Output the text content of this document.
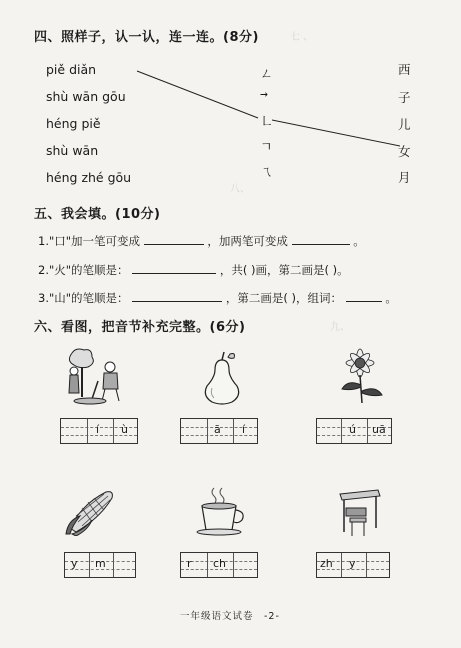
七 、
八、
九、
四、照样子，认一认，连一连。(8分)
piě diǎn
shù wān gōu
héng piě
shù wān
héng zhé gōu
ㄥ
→
㇗
ㄱ
ㄟ
西
子
儿
女
月
五、我会填。(10分)
1."口"加一笔可变成	，加两笔可变成	。
2."火"的笔顺是：	，共( )画，第二画是( )。
3."山"的笔顺是：	，第二画是( )，组词：	。
六、看图，把音节补充完整。(6分)
í ù	ā í	ú uā
y m	r ch	zh y
一年级语文试卷　-2-
